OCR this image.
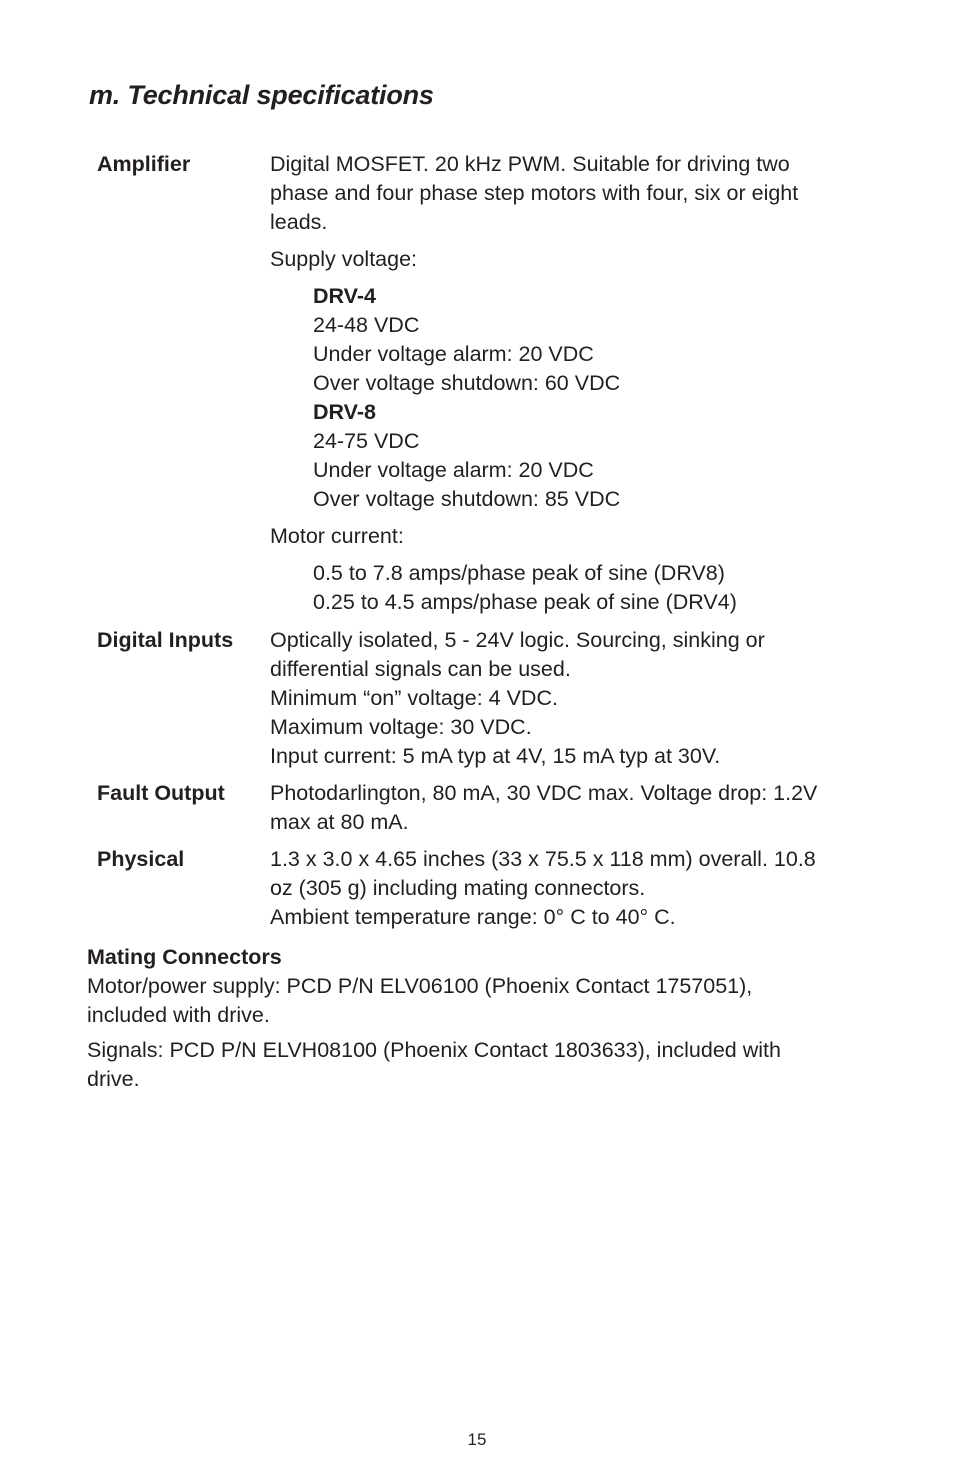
m. Technical specifications
Amplifier	Digital MOSFET. 20 kHz PWM. Suitable for driving two
phase and four phase step motors with four, six or eight
leads.
Supply voltage:
DRV-4
24-48 VDC
Under voltage alarm: 20 VDC
Over voltage shutdown: 60 VDC
DRV-8
24-75 VDC
Under voltage alarm: 20 VDC
Over voltage shutdown: 85 VDC
Motor current:
0.5 to 7.8 amps/phase peak of sine (DRV8)
0.25 to 4.5 amps/phase peak of sine (DRV4)
Digital Inputs Optically isolated, 5 - 24V logic. Sourcing, sinking or
differential signals can be used.
Minimum “on” voltage: 4 VDC.
Maximum voltage: 30 VDC.
Input current: 5 mA typ at 4V, 15 mA typ at 30V.
Fault Output Photodarlington, 80 mA, 30 VDC max. Voltage drop: 1.2V
max at 80 mA.
Physical	1.3 x 3.0 x 4.65 inches (33 x 75.5 x 118 mm) overall. 10.8
oz (305 g) including mating connectors.
Ambient temperature range: 0° C to 40° C.
Mating Connectors

Motor/power supply: PCD P/N ELV06100 (Phoenix Contact 1757051),
included with drive.

Signals: PCD P/N ELVH08100 (Phoenix Contact 1803633), included with
drive.

15
